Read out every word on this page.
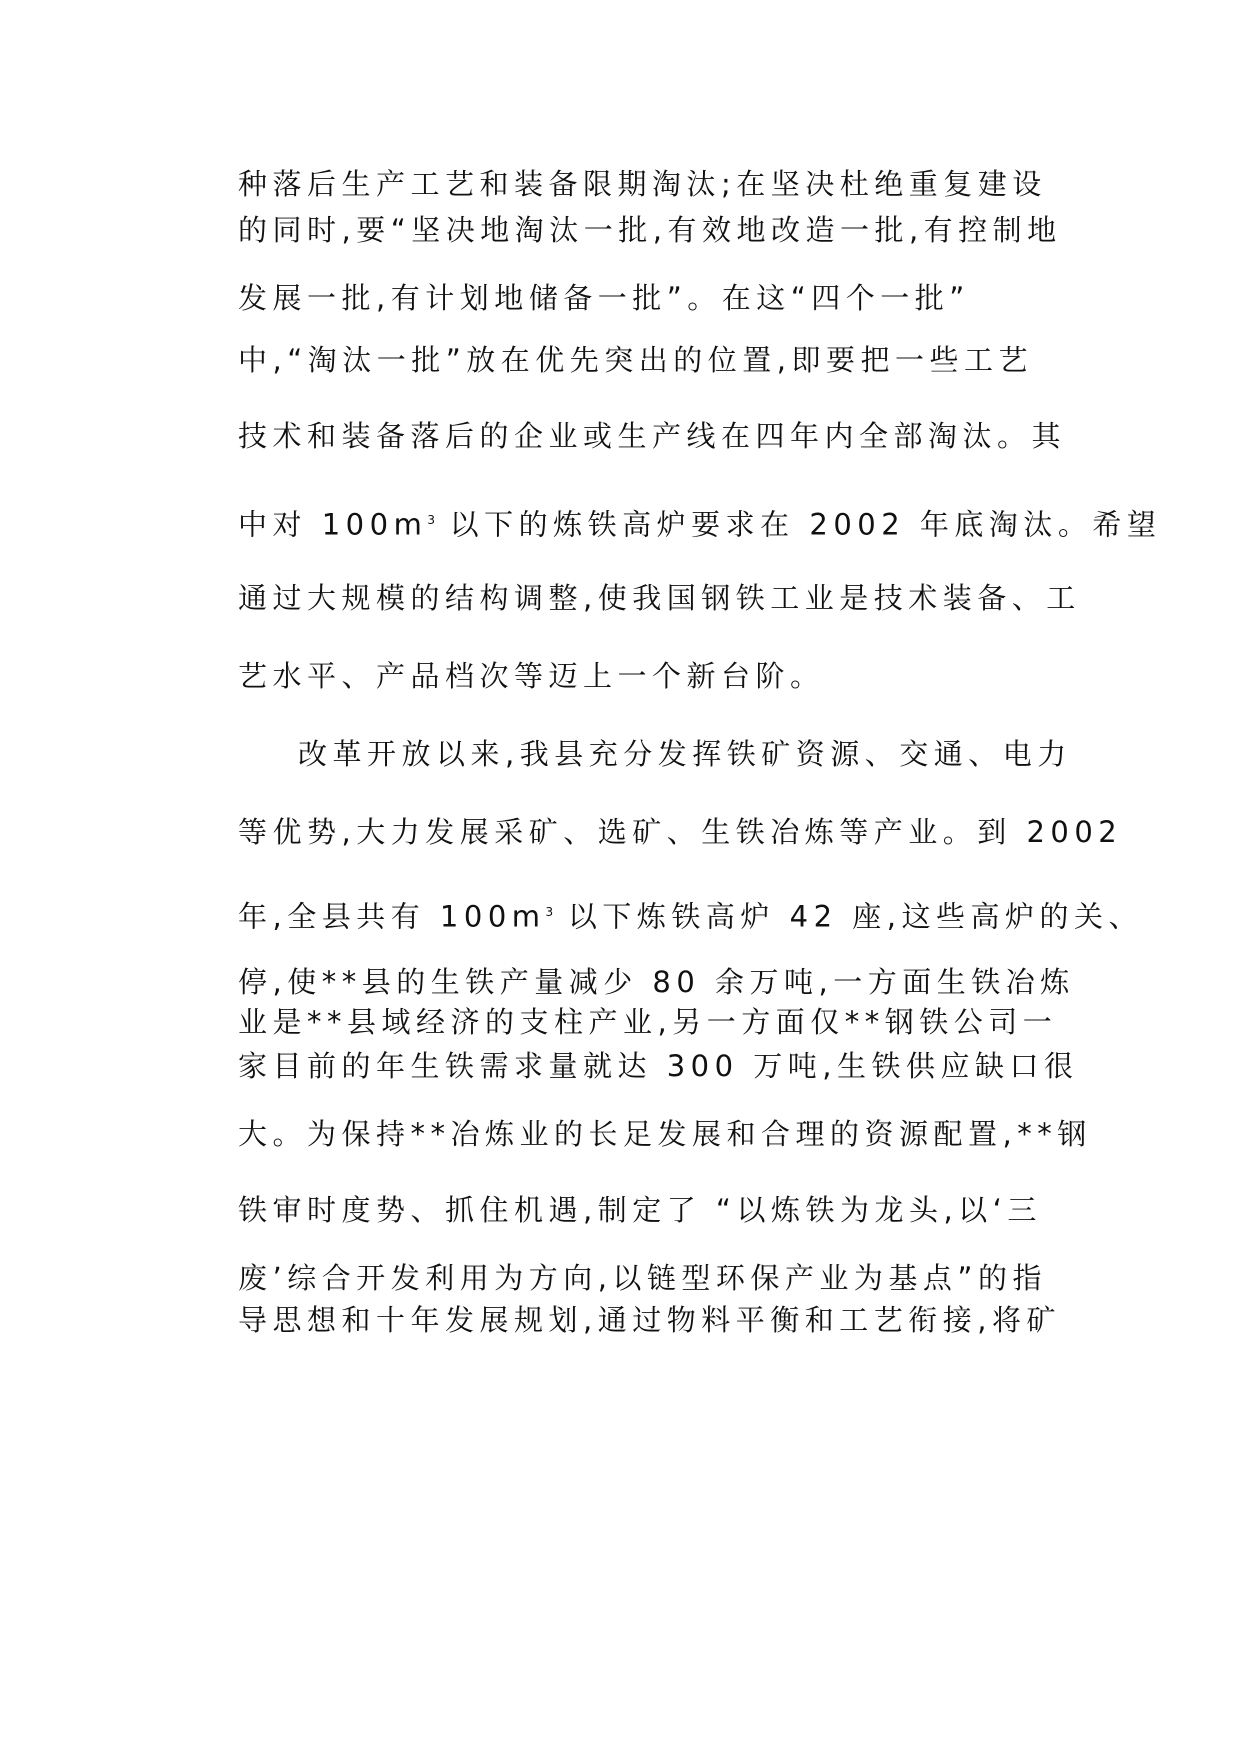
种落后生产工艺和装备限期淘汰;在坚决杜绝重复建设
的同时,要“坚决地淘汰一批,有效地改造一批,有控制地
发展一批,有计划地储备一批”。在这“四个一批”
中,“淘汰一批”放在优先突出的位置,即要把一些工艺
技术和装备落后的企业或生产线在四年内全部淘汰。其
中对 $100m^3$ 以下的炼铁高炉要求在 2002 年底淘汰。希望
通过大规模的结构调整,使我国钢铁工业是技术装备、工
艺水平、产品档次等迈上一个新台阶。
改革开放以来,我县充分发挥铁矿资源、交通、电力
等优势,大力发展采矿、选矿、生铁冶炼等产业。到 2002
年,全县共有 $100m^3$ 以下炼铁高炉 42 座,这些高炉的关、
停,使**县的生铁产量减少 80 余万吨,一方面生铁冶炼
业是**县域经济的支柱产业,另一方面仅**钢铁公司一
家目前的年生铁需求量就达 300 万吨,生铁供应缺口很
大。为保持**冶炼业的长足发展和合理的资源配置,**钢
铁审时度势、抓住机遇,制定了 “以炼铁为龙头,以‘三
废’综合开发利用为方向,以链型环保产业为基点”的指
导思想和十年发展规划,通过物料平衡和工艺衔接,将矿
